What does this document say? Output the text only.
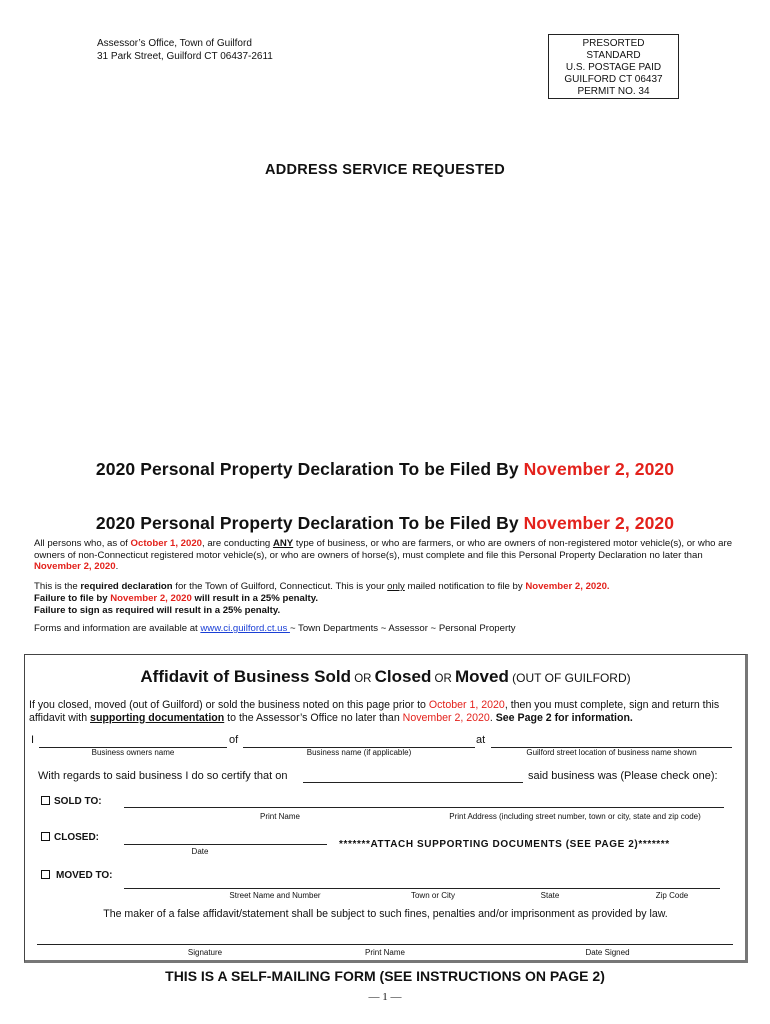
Assessor’s Office, Town of Guilford
31 Park Street, Guilford CT 06437-2611
PRESORTED
STANDARD
U.S. POSTAGE PAID
GUILFORD CT 06437
PERMIT NO. 34
ADDRESS SERVICE REQUESTED
2020 Personal Property Declaration To be Filed By November 2, 2020
2020 Personal Property Declaration To be Filed By November 2, 2020
All persons who, as of October 1, 2020, are conducting ANY type of business, or who are farmers, or who are owners of non-registered motor vehicle(s), or who are owners of non-Connecticut registered motor vehicle(s), or who are owners of horse(s), must complete and file this Personal Property Declaration no later than November 2, 2020.
This is the required declaration for the Town of Guilford, Connecticut. This is your only mailed notification to file by November 2, 2020.
Failure to file by November 2, 2020 will result in a 25% penalty.
Failure to sign as required will result in a 25% penalty.
Forms and information are available at www.ci.guilford.ct.us ~ Town Departments ~ Assessor ~ Personal Property
Affidavit of Business Sold OR Closed OR Moved (OUT OF GUILFORD)
If you closed, moved (out of Guilford) or sold the business noted on this page prior to October 1, 2020, then you must complete, sign and return this affidavit with supporting documentation to the Assessor’s Office no later than November 2, 2020. See Page 2 for information.
I	of	at
Business owners name	Business name (if applicable)	Guilford street location of business name shown
With regards to said business I do so certify that on	said business was (Please check one):
SOLD TO:
Print Name	Print Address (including street number, town or city, state and zip code)
CLOSED:
Date
*******ATTACH SUPPORTING DOCUMENTS (SEE PAGE 2)*******
MOVED TO:
Street Name and Number	Town or City	State	Zip Code
The maker of a false affidavit/statement shall be subject to such fines, penalties and/or imprisonment as provided by law.
Signature	Print Name	Date Signed
THIS IS A SELF-MAILING FORM (SEE INSTRUCTIONS ON PAGE 2)
— 1 —
